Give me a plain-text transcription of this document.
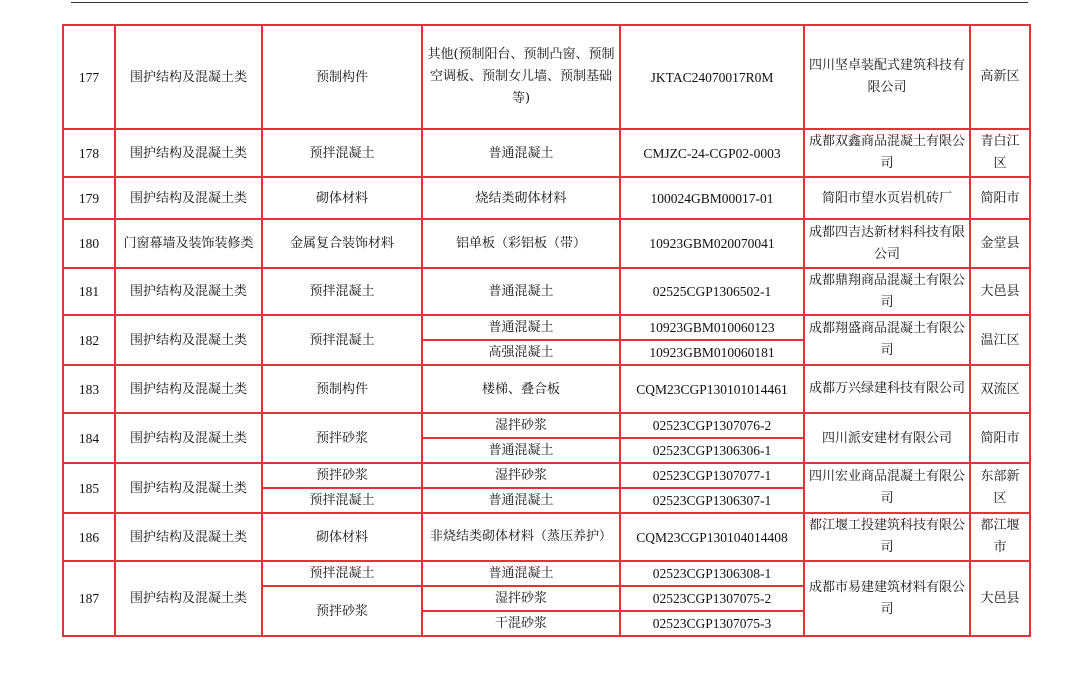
177	围护结构及混凝土类	预制构件	其他(预制阳台、预制凸窗、预制空调板、预制女儿墙、预制基础等)	JKTAC24070017R0M	四川坚卓装配式建筑科技有限公司	高新区
178	围护结构及混凝土类	预拌混凝土	普通混凝土	CMJZC-24-CGP02-0003	成都双鑫商品混凝土有限公司	青白江区
179	围护结构及混凝土类	砌体材料	烧结类砌体材料	100024GBM00017-01	简阳市望水页岩机砖厂	简阳市
180	门窗幕墙及装饰装修类	金属复合装饰材料	铝单板（彩铝板（带）	10923GBM020070041	成都四吉达新材料科技有限公司	金堂县
181	围护结构及混凝土类	预拌混凝土	普通混凝土	02525CGP1306502-1	成都鼎翔商品混凝土有限公司	大邑县
182	围护结构及混凝土类	预拌混凝土	普通混凝土	10923GBM010060123	成都翔盛商品混凝土有限公司	温江区
			高强混凝土	10923GBM010060181		
183	围护结构及混凝土类	预制构件	楼梯、叠合板	CQM23CGP130101014461	成都万兴绿建科技有限公司	双流区
184	围护结构及混凝土类	预拌砂浆	湿拌砂浆	02523CGP1307076-2	四川派安建材有限公司	简阳市
			普通混凝土	02523CGP1306306-1		
185	围护结构及混凝土类	预拌砂浆	湿拌砂浆	02523CGP1307077-1	四川宏业商品混凝土有限公司	东部新区
		预拌混凝土	普通混凝土	02523CGP1306307-1		
186	围护结构及混凝土类	砌体材料	非烧结类砌体材料（蒸压养护）	CQM23CGP130104014408	都江堰工投建筑科技有限公司	都江堰市
187	围护结构及混凝土类	预拌混凝土	普通混凝土	02523CGP1306308-1	成都市易建建筑材料有限公司	大邑县
		预拌砂浆	湿拌砂浆	02523CGP1307075-2		
			干混砂浆	02523CGP1307075-3		
